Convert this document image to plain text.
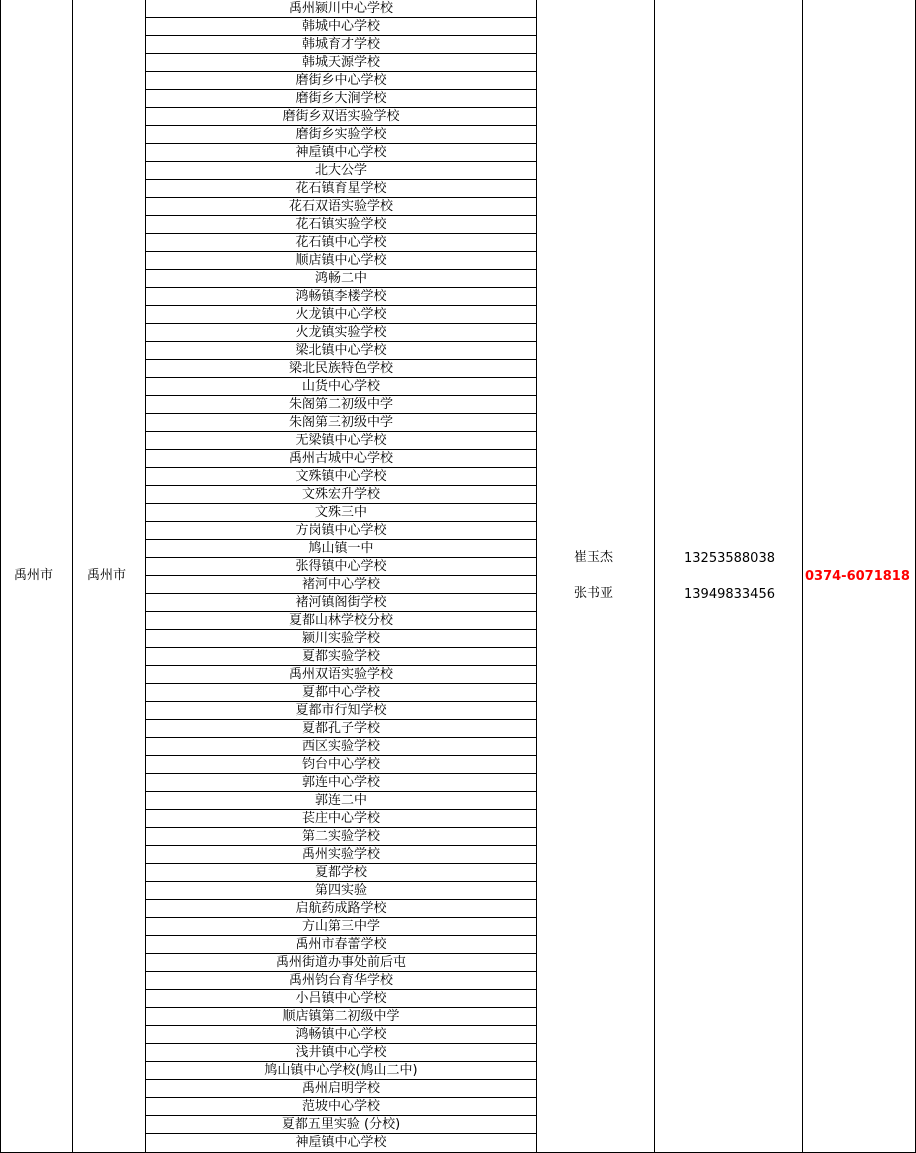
禹州市	禹州市
禹州颍川中心学校
韩城中心学校
韩城育才学校
韩城天源学校
磨街乡中心学校
磨街乡大涧学校
磨街乡双语实验学校
磨街乡实验学校
神垕镇中心学校
北大公学
花石镇育星学校
花石双语实验学校
花石镇实验学校
花石镇中心学校
顺店镇中心学校
鸿畅二中
鸿畅镇李楼学校
火龙镇中心学校
火龙镇实验学校
梁北镇中心学校
梁北民族特色学校
山货中心学校
朱阁第二初级中学
朱阁第三初级中学
无梁镇中心学校
禹州古城中心学校
文殊镇中心学校
文殊宏升学校
文殊三中
方岗镇中心学校
鸠山镇一中
张得镇中心学校
褚河中心学校
褚河镇阁街学校
夏都山林学校分校
颍川实验学校
夏都实验学校
禹州双语实验学校
夏都中心学校
夏都市行知学校
夏都孔子学校
西区实验学校
钧台中心学校
郭连中心学校
郭连二中
苌庄中心学校
第二实验学校
禹州实验学校
夏都学校
第四实验
启航药成路学校
方山第三中学
禹州市春蕾学校
禹州街道办事处前后屯
禹州钧台育华学校
小吕镇中心学校
顺店镇第二初级中学
鸿畅镇中心学校
浅井镇中心学校
鸠山镇中心学校(鸠山二中)
禹州启明学校
范坡中心学校
夏都五里实验 (分校)
神垕镇中心学校
崔玉杰
张书亚
13253588038
13949833456
0374-6071818
